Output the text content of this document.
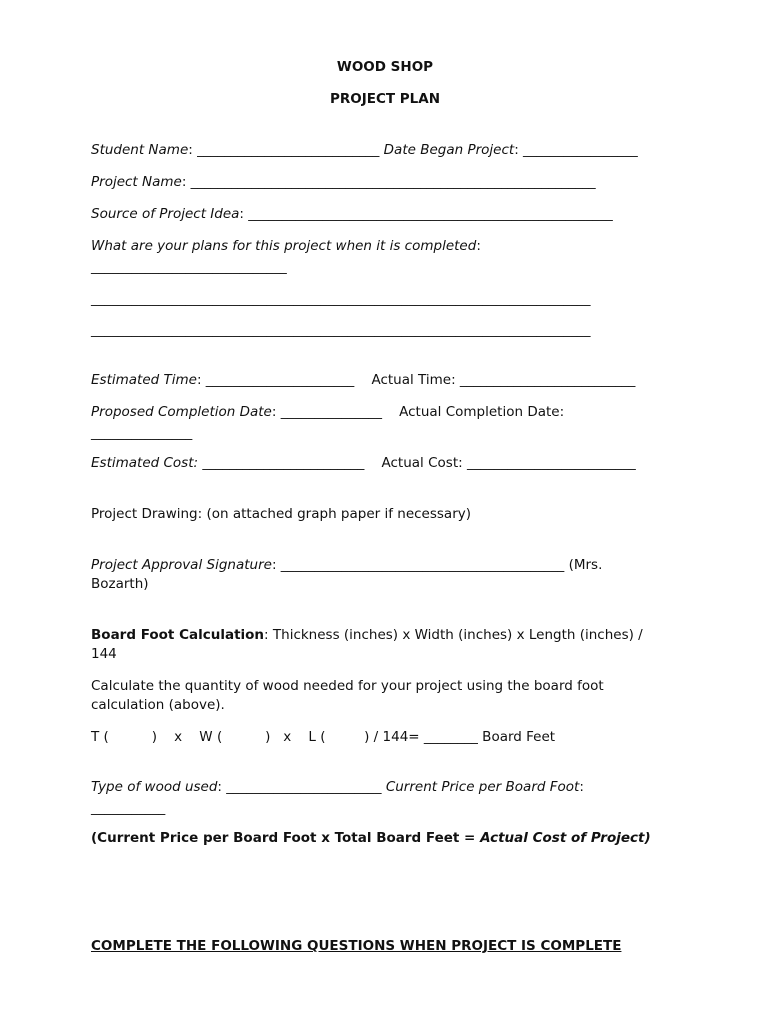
WOOD SHOP
PROJECT PLAN
Student Name: ___________________________ Date Began Project: _________________
Project Name: ____________________________________________________________
Source of Project Idea: ______________________________________________________
What are your plans for this project when it is completed:
_____________________________
__________________________________________________________________________
__________________________________________________________________________
Estimated Time: ______________________    Actual Time: __________________________
Proposed Completion Date: _______________    Actual Completion Date:
_______________
Estimated Cost: ________________________    Actual Cost: _________________________
Project Drawing: (on attached graph paper if necessary)
Project Approval Signature: __________________________________________ (Mrs.
Bozarth)
Board Foot Calculation: Thickness (inches) x Width (inches) x Length (inches) /
144
Calculate the quantity of wood needed for your project using the board foot
calculation (above).
T (          )    x    W (          )   x    L (         ) / 144= ________ Board Feet
Type of wood used: _______________________ Current Price per Board Foot:
___________
(Current Price per Board Foot x Total Board Feet = Actual Cost of Project)
COMPLETE THE FOLLOWING QUESTIONS WHEN PROJECT IS COMPLETE
